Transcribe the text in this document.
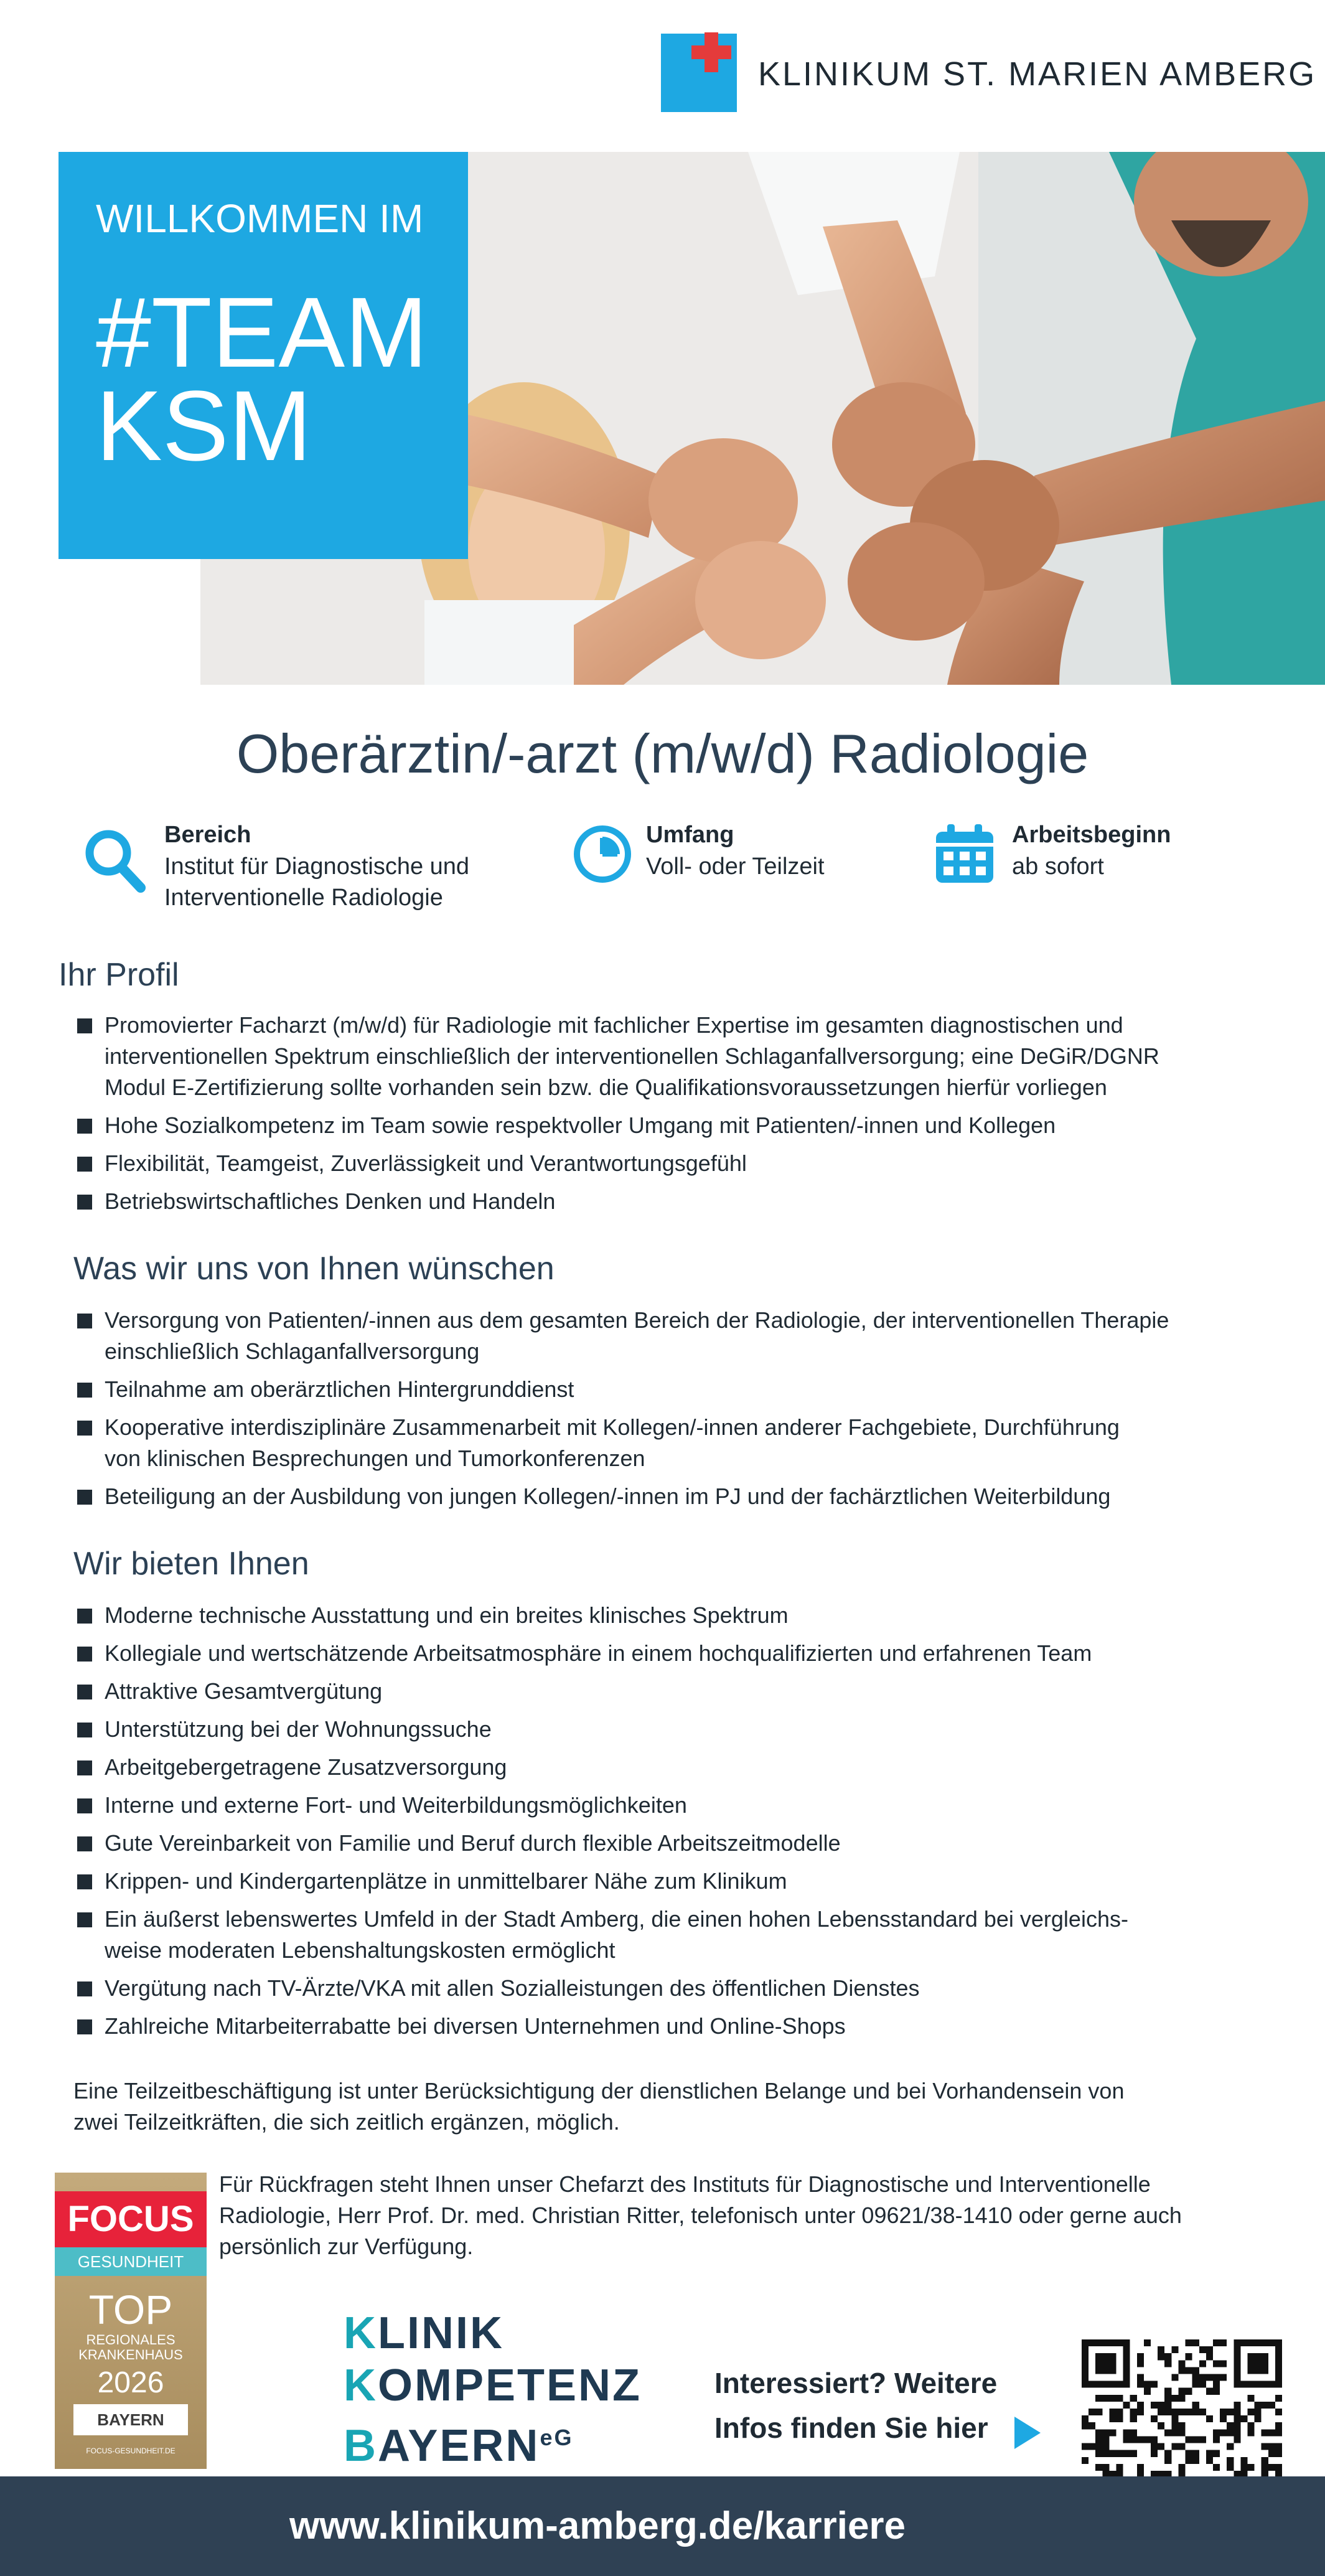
KLINIKUM ST. MARIEN AMBERG
WILLKOMMEN IM
#TEAM
KSM
Oberärztin/-arzt (m/w/d) Radiologie
Bereich
Institut für Diagnostische und
Interventionelle Radiologie
Umfang
Voll- oder Teilzeit
Arbeitsbeginn
ab sofort
Ihr Profil
Promovierter Facharzt (m/w/d) für Radiologie mit fachlicher Expertise im gesamten diagnostischen und
interventionellen Spektrum einschließlich der interventionellen Schlaganfallversorgung; eine DeGiR/DGNR
Modul E-Zertifizierung sollte vorhanden sein bzw. die Qualifikationsvoraussetzungen hierfür vorliegen
Hohe Sozialkompetenz im Team sowie respektvoller Umgang mit Patienten/-innen und Kollegen
Flexibilität, Teamgeist, Zuverlässigkeit und Verantwortungsgefühl
Betriebswirtschaftliches Denken und Handeln
Was wir uns von Ihnen wünschen
Versorgung von Patienten/-innen aus dem gesamten Bereich der Radiologie, der interventionellen Therapie
einschließlich Schlaganfallversorgung
Teilnahme am oberärztlichen Hintergrunddienst
Kooperative interdisziplinäre Zusammenarbeit mit Kollegen/-innen anderer Fachgebiete, Durchführung
von klinischen Besprechungen und Tumorkonferenzen
Beteiligung an der Ausbildung von jungen Kollegen/-innen im PJ und der fachärztlichen Weiterbildung
Wir bieten Ihnen
Moderne technische Ausstattung und ein breites klinisches Spektrum
Kollegiale und wertschätzende Arbeitsatmosphäre in einem hochqualifizierten und erfahrenen Team
Attraktive Gesamtvergütung
Unterstützung bei der Wohnungssuche
Arbeitgebergetragene Zusatzversorgung
Interne und externe Fort- und Weiterbildungsmöglichkeiten
Gute Vereinbarkeit von Familie und Beruf durch flexible Arbeitszeitmodelle
Krippen- und Kindergartenplätze in unmittelbarer Nähe zum Klinikum
Ein äußerst lebenswertes Umfeld in der Stadt Amberg, die einen hohen Lebensstandard bei vergleichs-
weise moderaten Lebenshaltungskosten ermöglicht
Vergütung nach TV-Ärzte/VKA mit allen Sozialleistungen des öffentlichen Dienstes
Zahlreiche Mitarbeiterrabatte bei diversen Unternehmen und Online-Shops
Eine Teilzeitbeschäftigung ist unter Berücksichtigung der dienstlichen Belange und bei Vorhandensein von
zwei Teilzeitkräften, die sich zeitlich ergänzen, möglich.
Für Rückfragen steht Ihnen unser Chefarzt des Instituts für Diagnostische und Interventionelle
Radiologie, Herr Prof. Dr. med. Christian Ritter, telefonisch unter 09621/38-1410 oder gerne auch
persönlich zur Verfügung.
FOCUS
GESUNDHEIT
TOP
REGIONALES
KRANKENHAUS
2026
BAYERN
FOCUS-GESUNDHEIT.DE
KLINIK
KOMPETENZ
$BAYERN^{eG}$
Interessiert? Weitere
Infos finden Sie hier
www.klinikum-amberg.de/karriere
